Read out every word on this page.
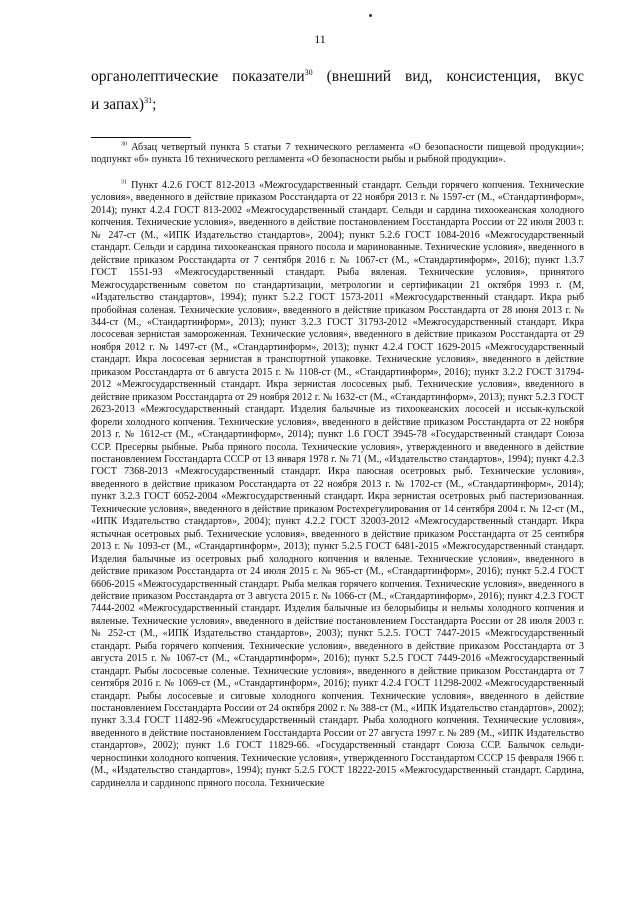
11
органолептические показатели$^{30}$ (внешний вид, консистенция, вкус
и запах)$^{31}$;
$^{30}$ Абзац четвертый пункта 5 статьи 7 технического регламента «О безопасности пищевой продукции»; подпункт «б» пункта 16 технического регламента «О безопасности рыбы и рыбной продукции».

$^{31}$ Пункт 4.2.6 ГОСТ 812-2013 «Межгосударственный стандарт. Сельди горячего копчения. Технические условия», введенного в действие приказом Росстандарта от 22 ноября 2013 г. № 1597-ст (М., «Стандартинформ», 2014); пункт 4.2.4 ГОСТ 813-2002 «Межгосударственный стандарт. Сельди и сардина тихоокеанская холодного копчения. Технические условия», введенного в действие постановлением Госстандарта России от 22 июля 2003 г. № 247-ст (М., «ИПК Издательство стандартов», 2004); пункт 5.2.6 ГОСТ 1084-2016 «Межгосударственный стандарт. Сельди и сардина тихоокеанская пряного посола и маринованные. Технические условия», введенного в действие приказом Росстандарта от 7 сентября 2016 г. № 1067-ст (М., «Стандартинформ», 2016); пункт 1.3.7 ГОСТ 1551-93 «Межгосударственный стандарт. Рыба вяленая. Технические условия», принятого Межгосударственным советом по стандартизации, метрологии и сертификации 21 октября 1993 г. (М, «Издательство стандартов», 1994); пункт 5.2.2 ГОСТ 1573-2011 «Межгосударственный стандарт. Икра рыб пробойная соленая. Технические условия», введенного в действие приказом Росстандарта от 28 июня 2013 г. № 344-ст (М., «Стандартинформ», 2013); пункт 3.2.3 ГОСТ 31793-2012 «Межгосударственный стандарт. Икра лососевая зернистая замороженная. Технические условия», введенного в действие приказом Росстандарта от 29 ноября 2012 г. № 1497-ст (М., «Стандартинформ», 2013); пункт 4.2.4 ГОСТ 1629-2015 «Межгосударственный стандарт. Икра лососевая зернистая в транспортной упаковке. Технические условия», введенного в действие приказом Росстандарта от 6 августа 2015 г. № 1108-ст (М., «Стандартинформ», 2016); пункт 3.2.2 ГОСТ 31794-2012 «Межгосударственный стандарт. Икра зернистая лососевых рыб. Технические условия», введенного в действие приказом Росстандарта от 29 ноября 2012 г. № 1632-ст (М., «Стандартинформ», 2013); пункт 5.2.3 ГОСТ 2623-2013 «Межгосударственный стандарт. Изделия балычные из тихоокеанских лососей и иссык-кульской форели холодного копчения. Технические условия», введенного в действие приказом Росстандарта от 22 ноября 2013 г. № 1612-ст (М., «Стандартинформ», 2014); пункт 1.6 ГОСТ 3945-78 «Государственный стандарт Союза ССР. Пресервы рыбные. Рыба пряного посола. Технические условия», утвержденного и введенного в действие постановлением Госстандарта СССР от 13 января 1978 г. № 71 (М., «Издательство стандартов», 1994); пункт 4.2.3 ГОСТ 7368-2013 «Межгосударственный стандарт. Икра паюсная осетровых рыб. Технические условия», введенного в действие приказом Росстандарта от 22 ноября 2013 г. № 1702-ст (М., «Стандартинформ», 2014); пункт 3.2.3 ГОСТ 6052-2004 «Межгосударственный стандарт. Икра зернистая осетровых рыб пастеризованная. Технические условия», введенного в действие приказом Ростехрегулирования от 14 сентября 2004 г. № 12-ст (М., «ИПК Издательство стандартов», 2004); пункт 4.2.2 ГОСТ 32003-2012 «Межгосударственный стандарт. Икра ястычная осетровых рыб. Технические условия», введенного в действие приказом Росстандарта от 25 сентября 2013 г. № 1093-ст (М., «Стандартинформ», 2013); пункт 5.2.5 ГОСТ 6481-2015 «Межгосударственный стандарт. Изделия балычные из осетровых рыб холодного копчения и вяленые. Технические условия», введенного в действие приказом Росстандарта от 24 июля 2015 г. № 965-ст (М., «Стандартинформ», 2016); пункт 5.2.4 ГОСТ 6606-2015 «Межгосударственный стандарт. Рыба мелкая горячего копчения. Технические условия», введенного в действие приказом Росстандарта от 3 августа 2015 г. № 1066-ст (М., «Стандартинформ», 2016); пункт 4.2.3 ГОСТ 7444-2002 «Межгосударственный стандарт. Изделия балычные из белорыбицы и нельмы холодного копчения и вяленые. Технические условия», введенного в действие постановлением Госстандарта России от 28 июля 2003 г. № 252-ст (М., «ИПК Издательство стандартов», 2003); пункт 5.2.5. ГОСТ 7447-2015 «Межгосударственный стандарт. Рыба горячего копчения. Технические условия», введенного в действие приказом Росстандарта от 3 августа 2015 г. № 1067-ст (М., «Стандартинформ», 2016); пункт 5.2.5 ГОСТ 7449-2016 «Межгосударственный стандарт. Рыбы лососевые соленые. Технические условия», введенного в действие приказом Росстандарта от 7 сентября 2016 г. № 1069-ст (М., «Стандартинформ», 2016); пункт 4.2.4 ГОСТ 11298-2002 «Межгосударственный стандарт. Рыбы лососевые и сиговые холодного копчения. Технические условия», введенного в действие постановлением Госстандарта России от 24 октября 2002 г. № 388-ст (М., «ИПК Издательство стандартов», 2002); пункт 3.3.4 ГОСТ 11482-96 «Межгосударственный стандарт. Рыба холодного копчения. Технические условия», введенного в действие постановлением Госстандарта России от 27 августа 1997 г. № 289 (М., «ИПК Издательство стандартов», 2002); пункт 1.6 ГОСТ 11829-66. «Государственный стандарт Союза ССР. Балычок сельди-черноспинки холодного копчения. Технические условия», утвержденного Госстандартом СССР 15 февраля 1966 г. (М., «Издательство стандартов», 1994); пункт 5.2.5 ГОСТ 18222-2015 «Межгосударственный стандарт. Сардина, сардинелла и сардинопс пряного посола. Технические
